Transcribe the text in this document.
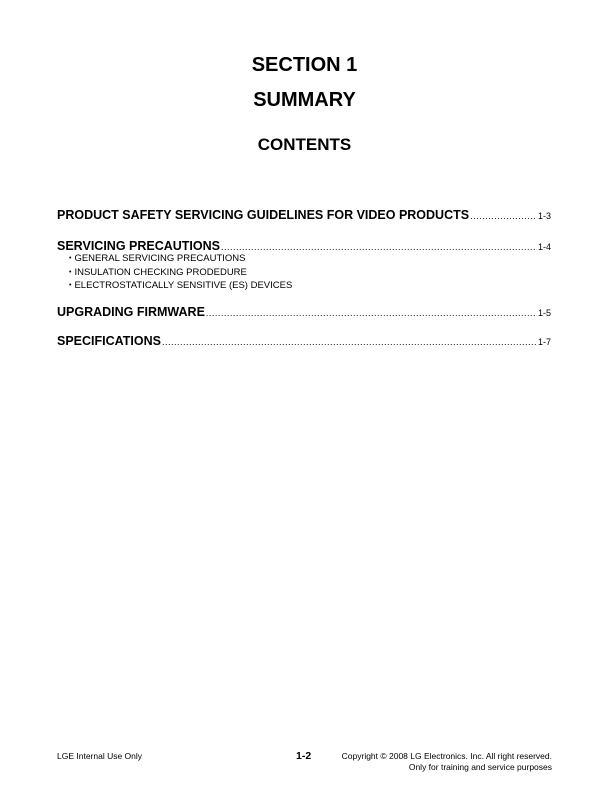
SECTION 1
SUMMARY
CONTENTS
PRODUCT SAFETY SERVICING GUIDELINES FOR VIDEO PRODUCTS .....	1-3
SERVICING PRECAUTIONS .....	1-4
• GENERAL SERVICING PRECAUTIONS
• INSULATION CHECKING PRODEDURE
• ELECTROSTATICALLY SENSITIVE (ES) DEVICES
UPGRADING FIRMWARE .....	1-5
SPECIFICATIONS .....	1-7
LGE Internal Use Only	1-2	Copyright © 2008 LG Electronics. Inc. All right reserved.
Only for training and service purposes
